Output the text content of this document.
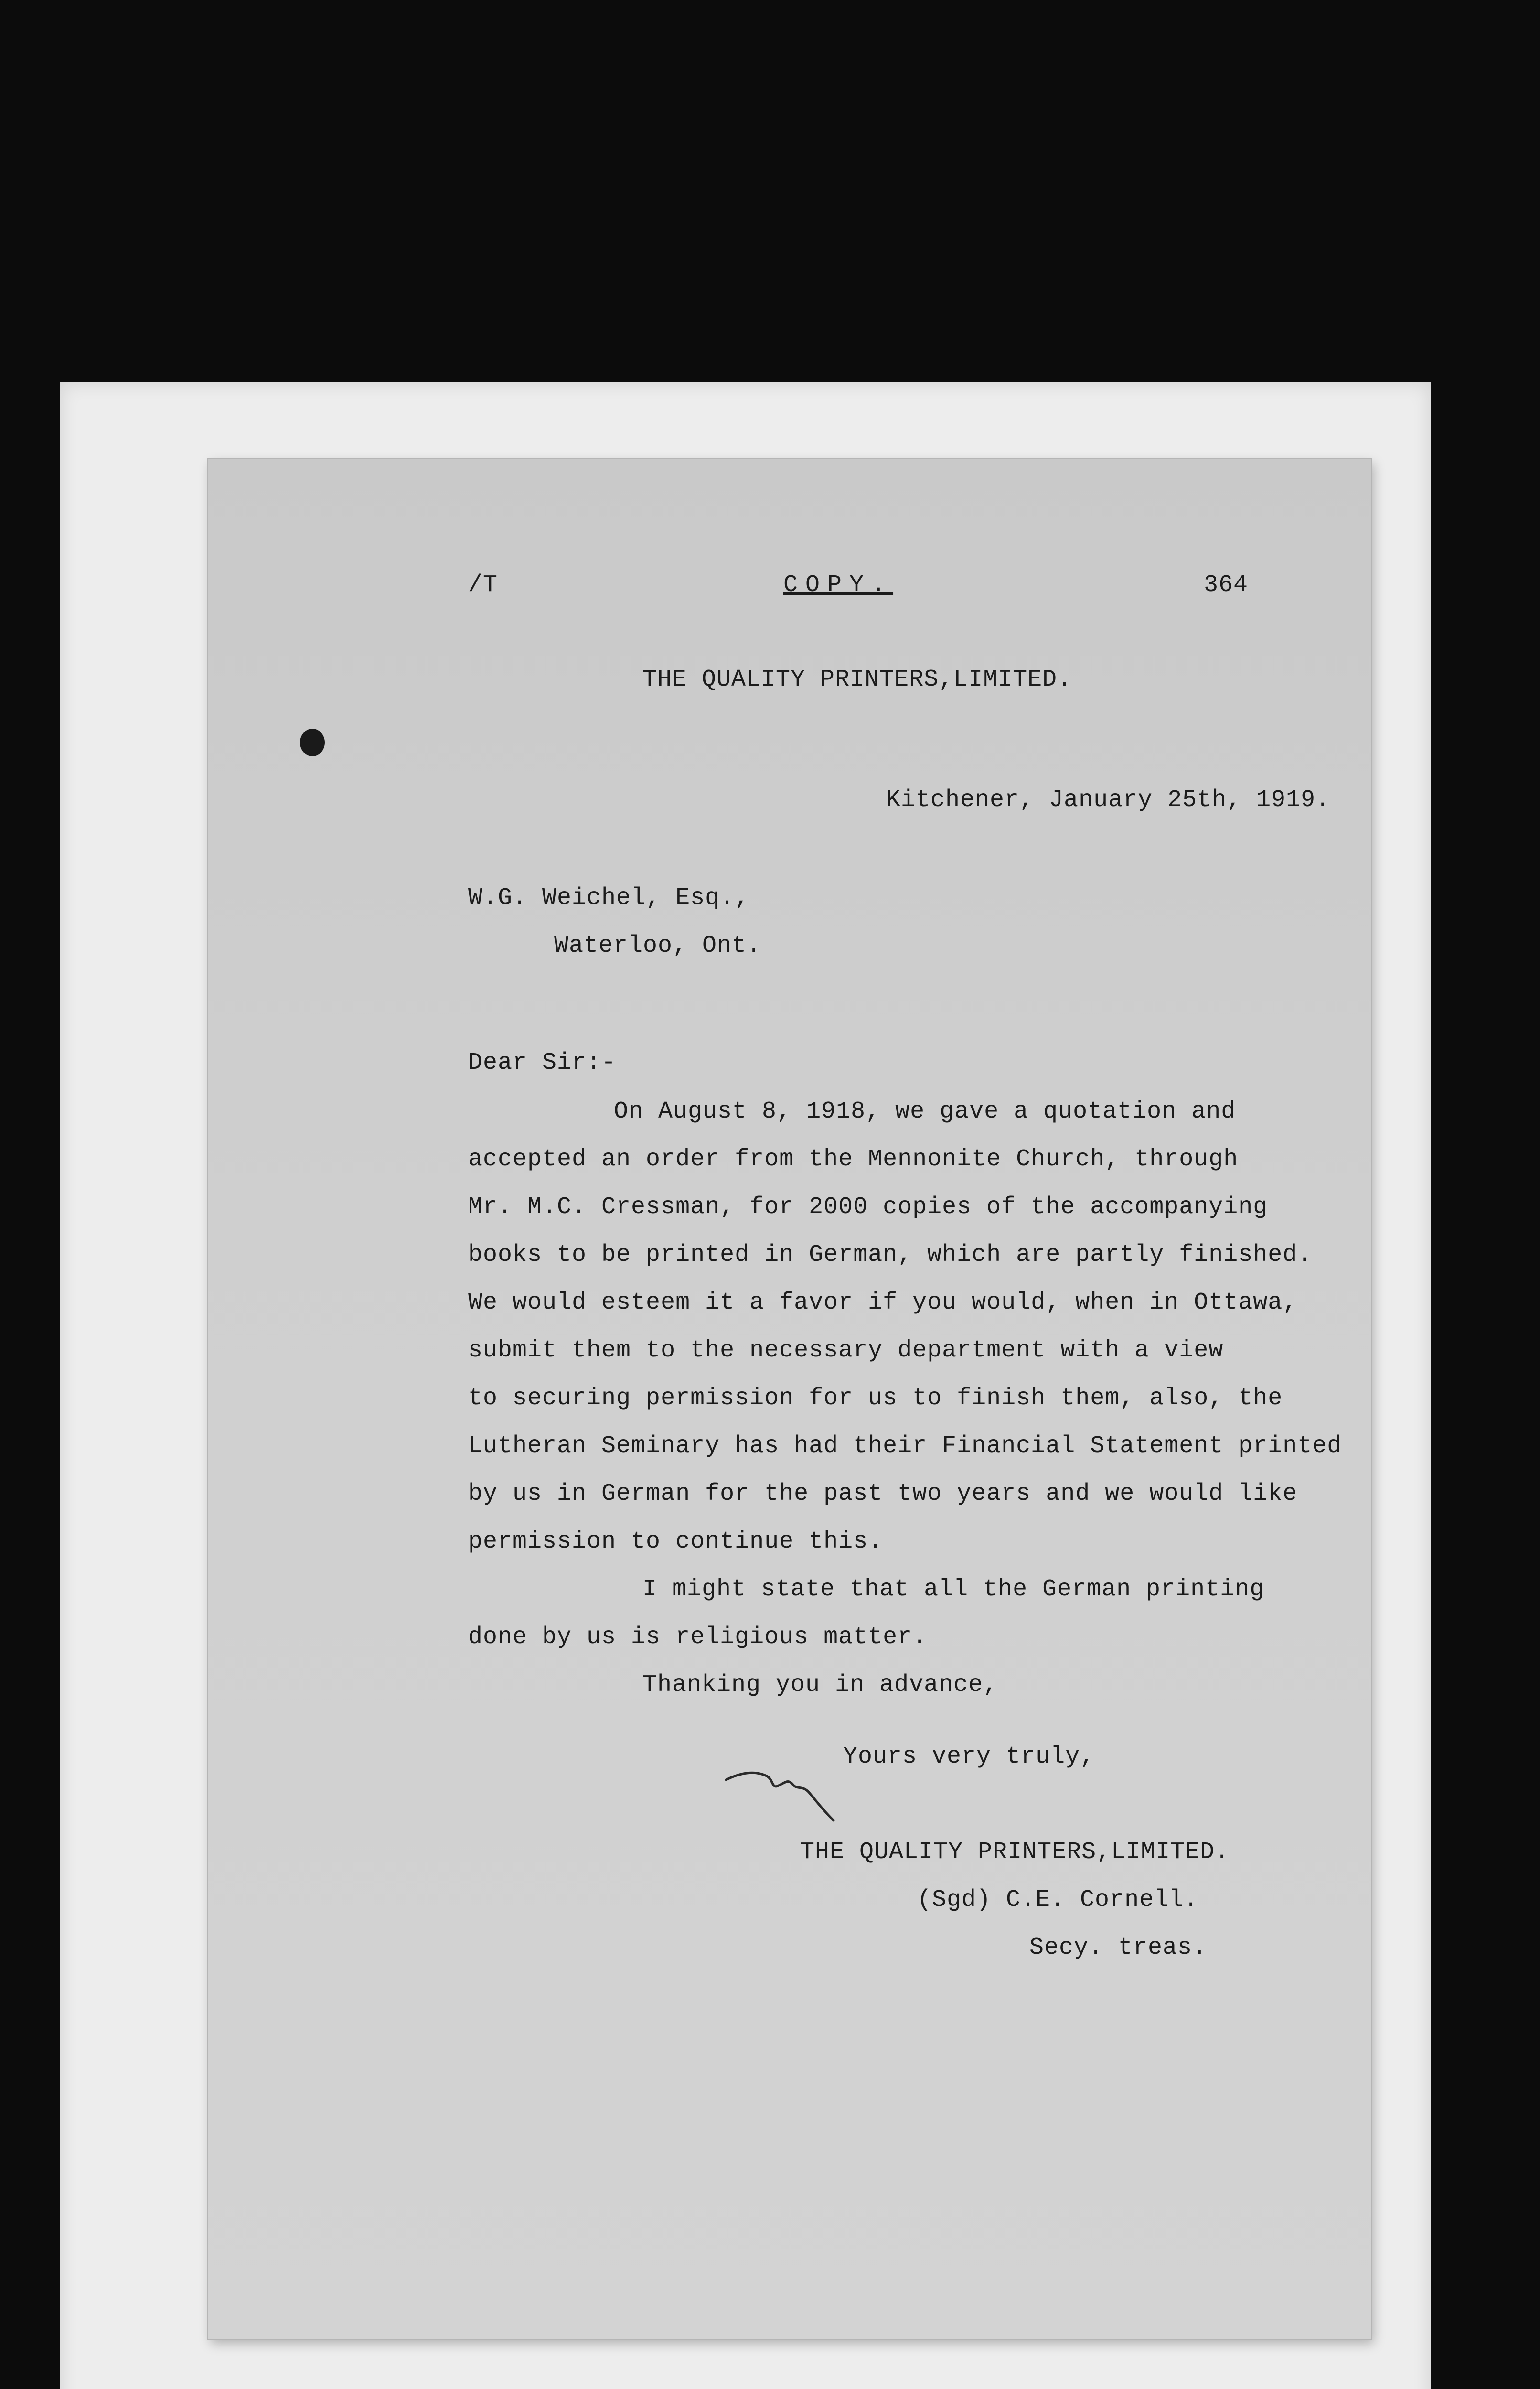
/T	COPY.	364
THE QUALITY PRINTERS,LIMITED.
Kitchener, January 25th, 1919.
W.G. Weichel, Esq.,
Waterloo, Ont.
Dear Sir:-
On August 8, 1918, we gave a quotation and
accepted an order from the Mennonite Church, through
Mr. M.C. Cressman, for 2000 copies of the accompanying
books to be printed in German, which are partly finished.
We would esteem it a favor if you would, when in Ottawa,
submit them to the necessary department with a view
to securing permission for us to finish them, also, the
Lutheran Seminary has had their Financial Statement printed
by us in German for the past two years and we would like
permission to continue this.
I might state that all the German printing
done by us is religious matter.
Thanking you in advance,
Yours very truly,
THE QUALITY PRINTERS,LIMITED.
(Sgd) C.E. Cornell.
Secy. treas.
